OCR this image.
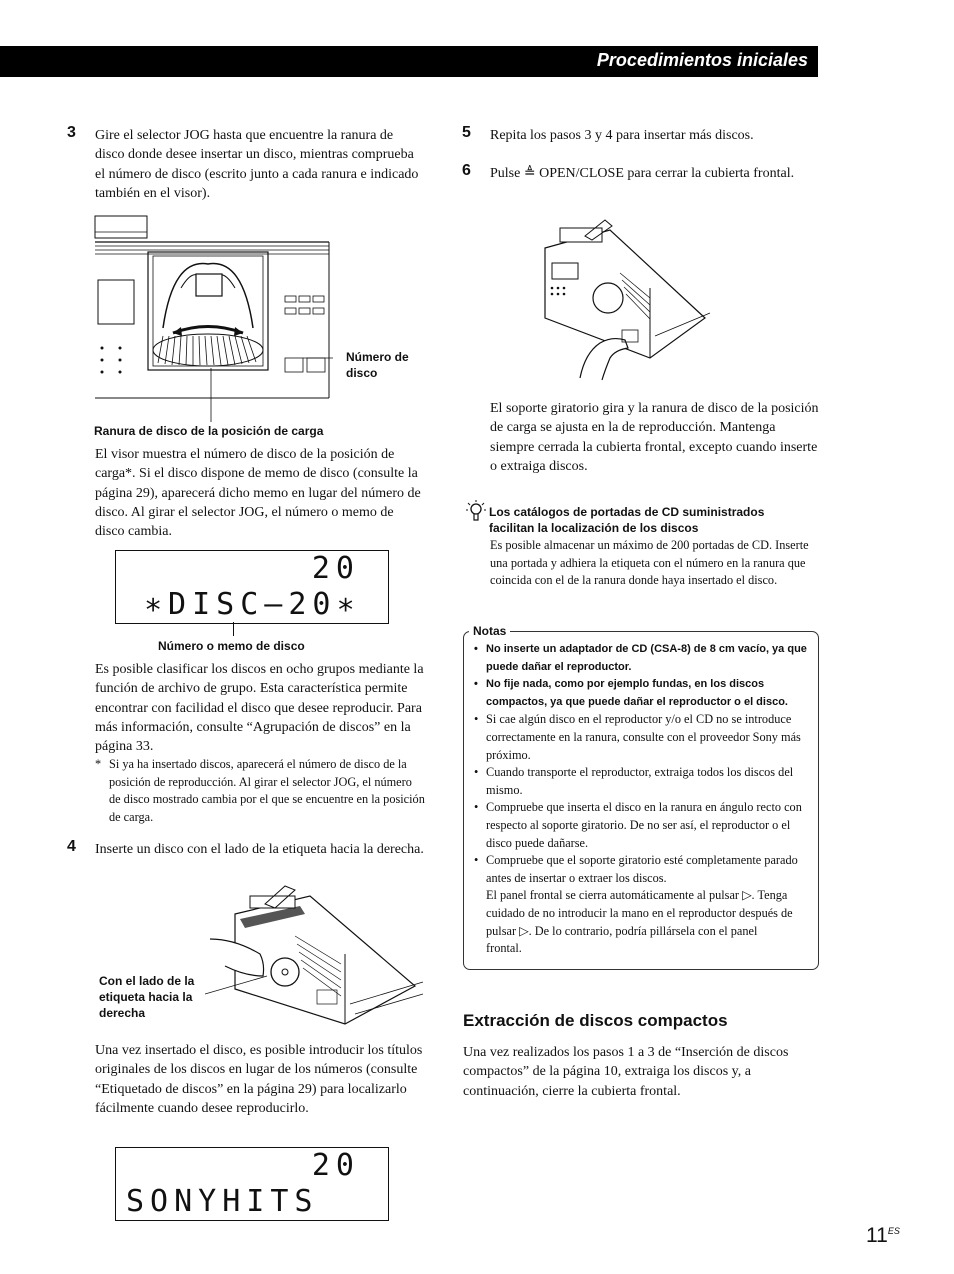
Procedimientos iniciales
3 Gire el selector JOG hasta que encuentre la ranura de disco donde desee insertar un disco, mientras comprueba el número de disco (escrito junto a cada ranura e indicado también en el visor).
Número de disco
Ranura de disco de la posición de carga
El visor muestra el número de disco de la posición de carga*. Si el disco dispone de memo de disco (consulte la página 29), aparecerá dicho memo en lugar del número de disco. Al girar el selector JOG, el número o memo de disco cambia.
20
∗DISC–20∗
Número o memo de disco
Es posible clasificar los discos en ocho grupos mediante la función de archivo de grupo. Esta característica permite encontrar con facilidad el disco que desee reproducir. Para más información, consulte “Agrupación de discos” en la página 33.
* Si ya ha insertado discos, aparecerá el número de disco de la posición de reproducción. Al girar el selector JOG, el número de disco mostrado cambia por el que se encuentre en la posición de carga.
4 Inserte un disco con el lado de la etiqueta hacia la derecha.
Con el lado de la etiqueta hacia la derecha
Una vez insertado el disco, es posible introducir los títulos originales de los discos en lugar de los números (consulte “Etiquetado de discos” en la página 29) para localizarlo fácilmente cuando desee reproducirlo.
20
SONYHITS
5 Repita los pasos 3 y 4 para insertar más discos.
6 Pulse ≜ OPEN/CLOSE para cerrar la cubierta frontal.
El soporte giratorio gira y la ranura de disco de la posición de carga se ajusta en la de reproducción. Mantenga siempre cerrada la cubierta frontal, excepto cuando inserte o extraiga discos.
Los catálogos de portadas de CD suministrados facilitan la localización de los discos
Es posible almacenar un máximo de 200 portadas de CD. Inserte una portada y adhiera la etiqueta con el número en la ranura que coincida con el de la ranura donde haya insertado el disco.
Notas
• No inserte un adaptador de CD (CSA-8) de 8 cm vacío, ya que puede dañar el reproductor.
• No fije nada, como por ejemplo fundas, en los discos compactos, ya que puede dañar el reproductor o el disco.
• Si cae algún disco en el reproductor y/o el CD no se introduce correctamente en la ranura, consulte con el proveedor Sony más próximo.
• Cuando transporte el reproductor, extraiga todos los discos del mismo.
• Compruebe que inserta el disco en la ranura en ángulo recto con respecto al soporte giratorio. De no ser así, el reproductor o el disco puede dañarse.
• Compruebe que el soporte giratorio esté completamente parado antes de insertar o extraer los discos.
El panel frontal se cierra automáticamente al pulsar ▷. Tenga cuidado de no introducir la mano en el reproductor después de pulsar ▷. De lo contrario, podría pillársela con el panel frontal.
Extracción de discos compactos
Una vez realizados los pasos 1 a 3 de “Inserción de discos compactos” de la página 10, extraiga los discos y, a continuación, cierre la cubierta frontal.
$11^{ES}$
